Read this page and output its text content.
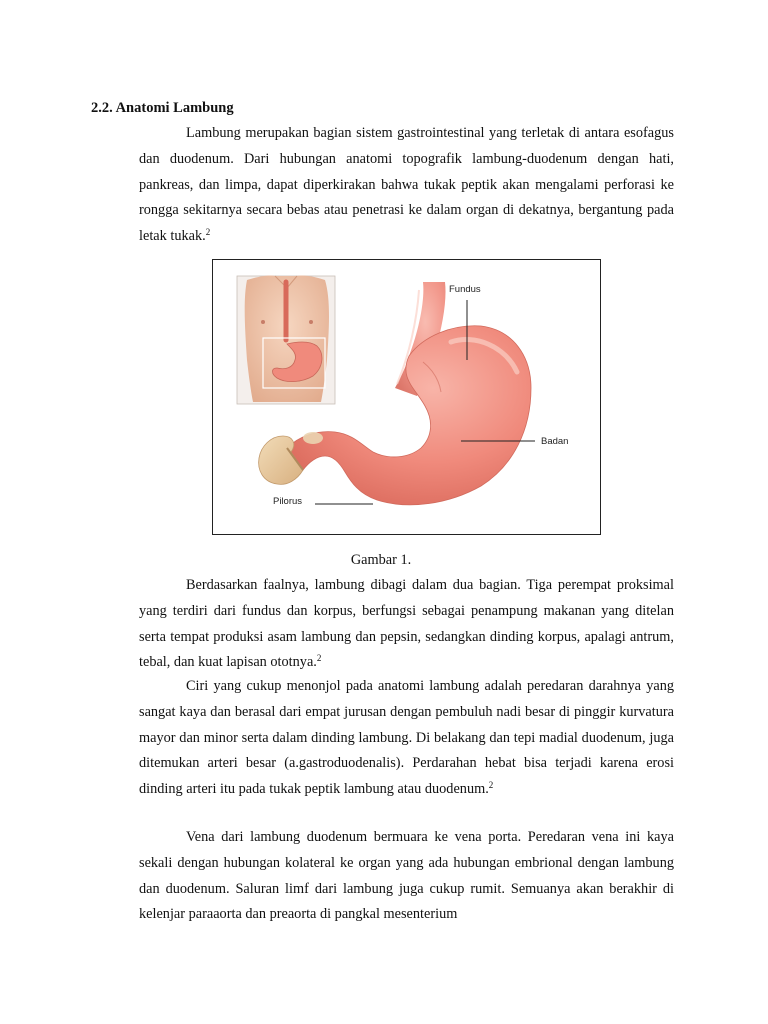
2.2. Anatomi Lambung

Lambung merupakan bagian sistem gastrointestinal yang terletak di antara esofagus dan duodenum. Dari hubungan anatomi topografik lambung-duodenum dengan hati, pankreas, dan limpa, dapat diperkirakan bahwa tukak peptik akan mengalami perforasi ke rongga sekitarnya secara bebas atau penetrasi ke dalam organ di dekatnya, bergantung pada letak tukak.$^2$

Fundus
Badan
Pilorus
Gambar 1.

Berdasarkan faalnya, lambung dibagi dalam dua bagian. Tiga perempat proksimal yang terdiri dari fundus dan korpus, berfungsi sebagai penampung makanan yang ditelan serta tempat produksi asam lambung dan pepsin, sedangkan dinding korpus, apalagi antrum, tebal, dan kuat lapisan ototnya.$^2$

Ciri yang cukup menonjol pada anatomi lambung adalah peredaran darahnya yang sangat kaya dan berasal dari empat jurusan dengan pembuluh nadi besar di pinggir kurvatura mayor dan minor serta dalam dinding lambung. Di belakang dan tepi madial duodenum, juga ditemukan arteri besar (a.gastroduodenalis). Perdarahan hebat bisa terjadi karena erosi dinding arteri itu pada tukak peptik lambung atau duodenum.$^2$

Vena dari lambung duodenum bermuara ke vena porta. Peredaran vena ini kaya sekali dengan hubungan kolateral ke organ yang ada hubungan embrional dengan lambung dan duodenum. Saluran limf dari lambung juga cukup rumit. Semuanya akan berakhir di kelenjar paraaorta dan preaorta di pangkal mesenterium
